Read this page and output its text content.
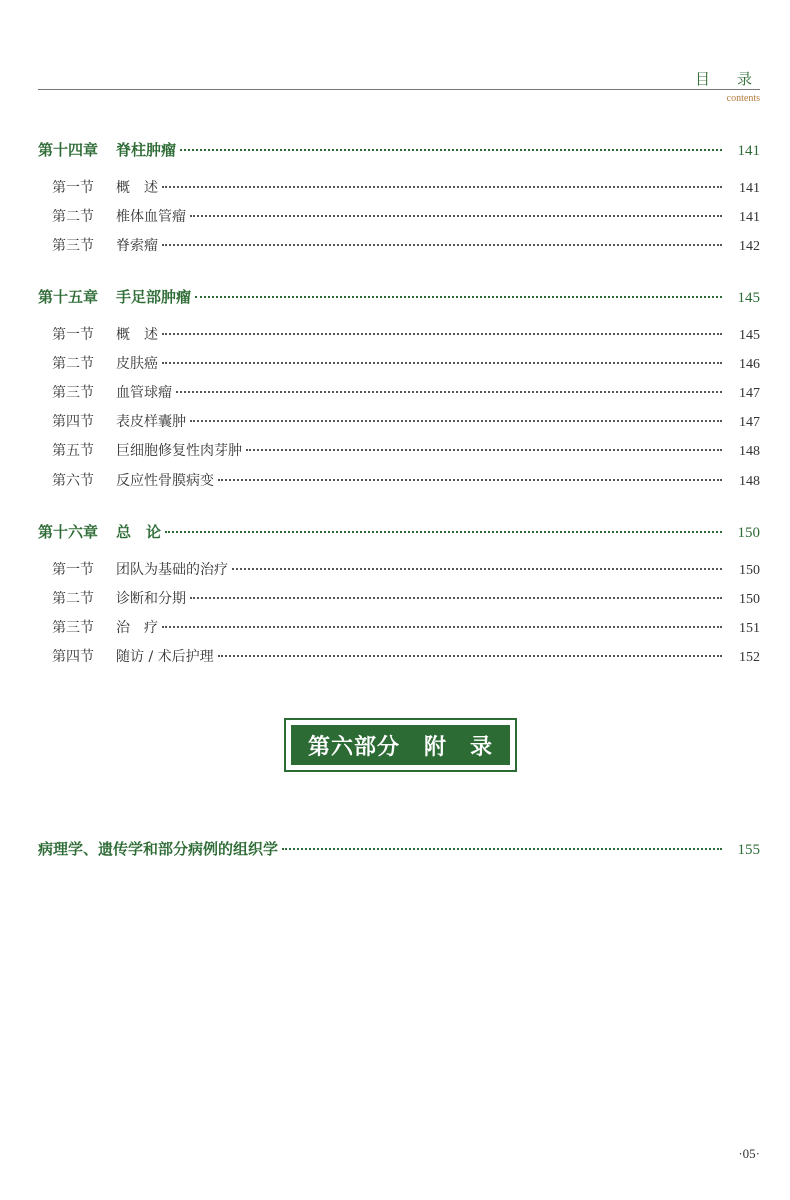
目　录
contents
第十四章 脊柱肿瘤	141
第一节	概　述	141
第二节	椎体血管瘤	141
第三节	脊索瘤	142
第十五章 手足部肿瘤	145
第一节	概　述	145
第二节	皮肤癌	146
第三节	血管球瘤	147
第四节	表皮样囊肿	147
第五节	巨细胞修复性肉芽肿	148
第六节	反应性骨膜病变	148
第十六章 总　论	150
第一节	团队为基础的治疗	150
第二节	诊断和分期	150
第三节	治　疗	151
第四节	随访 / 术后护理	152
病理学、遗传学和部分病例的组织学	155
第六部分 附　录
·05·
